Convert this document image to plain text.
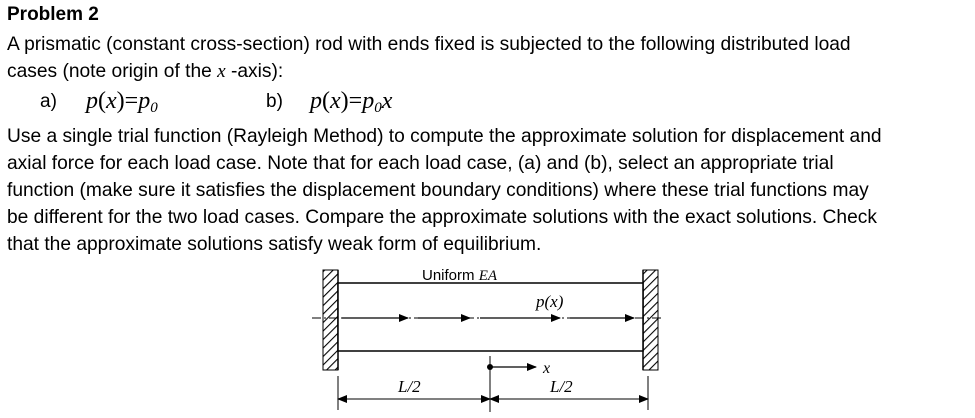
Problem 2
A prismatic (constant cross-section) rod with ends fixed is subjected to the following distributed load
cases (note origin of the x -axis):
a) $p(x)=p_0$	b) $p(x)=p_0x$
Use a single trial function (Rayleigh Method) to compute the approximate solution for displacement and
axial force for each load case. Note that for each load case, (a) and (b), select an appropriate trial
function (make sure it satisfies the displacement boundary conditions) where these trial functions may
be different for the two load cases. Compare the approximate solutions with the exact solutions. Check
that the approximate solutions satisfy weak form of equilibrium.
Uniform EA
p(x)
x
L/2	L/2
